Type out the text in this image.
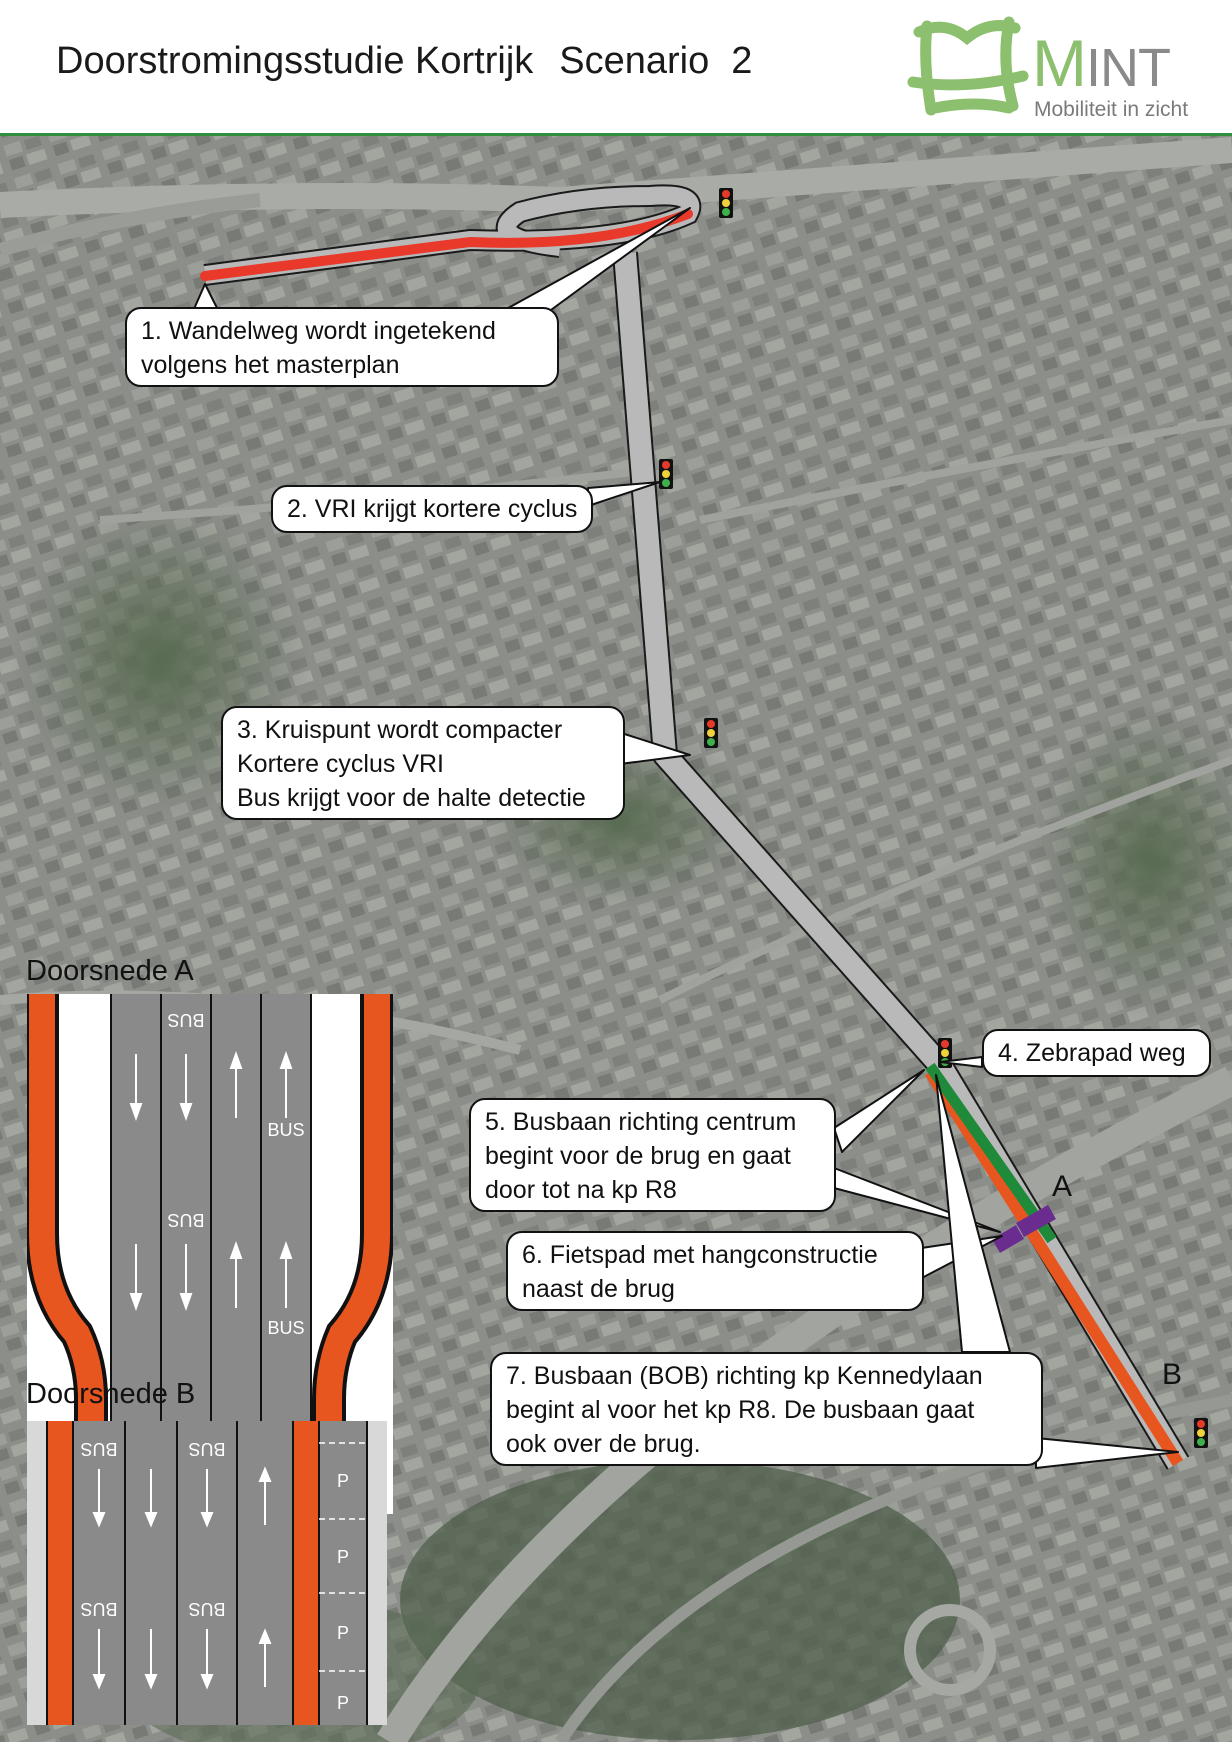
Doorstromingsstudie Kortrijk Scenario 2	MINT
Mobiliteit in zicht
1. Wandelweg wordt ingetekend
volgens het masterplan
2. VRI krijgt kortere cyclus
3. Kruispunt wordt compacter
Kortere cyclus VRI
Bus krijgt voor de halte detectie
4. Zebrapad weg
5. Busbaan richting centrum
begint voor de brug en gaat
door tot na kp R8
6. Fietspad met hangconstructie
naast de brug
7. Busbaan (BOB) richting kp Kennedylaan
begint al voor het kp R8. De busbaan gaat
ook over de brug.
A
B
Doorsnede A
BUS
BUS
BUS
BUS
Doorsnede B
BUS	BUS
BUS	BUS
P
P
P
P
